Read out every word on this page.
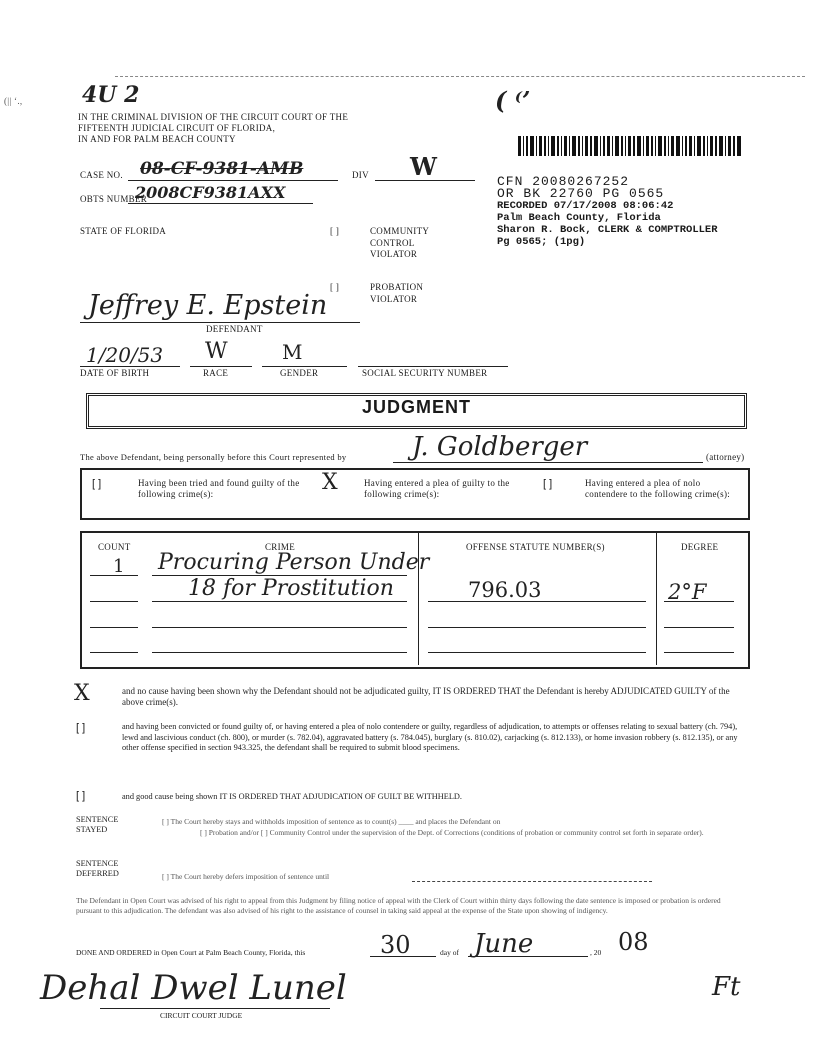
(|| ʻ.,	4U 2	( ⁽ʼ
IN THE CRIMINAL DIVISION OF THE CIRCUIT COURT OF THE
FIFTEENTH JUDICIAL CIRCUIT OF FLORIDA,
IN AND FOR PALM BEACH COUNTY
CASE NO. 08-CF-9381-AMB	DIV W
OBTS NUMBER
2008CF9381AXX
CFN 20080267252
OR BK 22760 PG 0565
RECORDED 07/17/2008 08:06:42
Palm Beach County, Florida
Sharon R. Bock, CLERK & COMPTROLLER
Pg 0565; (1pg)
STATE OF FLORIDA	[ ]	COMMUNITY
CONTROL
VIOLATOR
[ ]	PROBATION
VIOLATOR
Jeffrey E. Epstein
DEFENDANT
1/20/53 W	M
DATE OF BIRTH	RACE	GENDER	SOCIAL SECURITY NUMBER
JUDGMENT
The above Defendant, being personally before this Court represented by	J. Goldberger	(attorney)
[ ]	Having been tried and found guilty of the following crime(s):	X	Having entered a plea of guilty to the following crime(s):
[ ]	Having entered a plea of nolo contendere to the following crime(s):
COUNT	CRIME	OFFENSE STATUTE NUMBER(S)	DEGREE
1 Procuring Person Under
18 for Prostitution	796.03	2°F
X	and no cause having been shown why the Defendant should not be adjudicated guilty, IT IS ORDERED THAT the Defendant is hereby ADJUDICATED GUILTY of the above crime(s).
[ ]	and having been convicted or found guilty of, or having entered a plea of nolo contendere or guilty, regardless of adjudication, to attempts or offenses relating to sexual battery (ch. 794), lewd and lascivious conduct (ch. 800), or murder (s. 782.04), aggravated battery (s. 784.045), burglary (s. 810.02), carjacking (s. 812.133), or home invasion robbery (s. 812.135), or any other offense specified in section 943.325, the defendant shall be required to submit blood specimens.
[ ]	and good cause being shown IT IS ORDERED THAT ADJUDICATION OF GUILT BE WITHHELD.
SENTENCE
STAYED
[ ] The Court hereby stays and withholds imposition of sentence as to count(s) ____ and places the Defendant on
[ ] Probation and/or [ ] Community Control under the supervision of the Dept. of Corrections (conditions of probation or community control set forth in separate order).
SENTENCE
DEFERRED	[ ] The Court hereby defers imposition of sentence until
The Defendant in Open Court was advised of his right to appeal from this Judgment by filing notice of appeal with the Clerk of Court within thirty days following the date sentence is imposed or probation is ordered pursuant to this adjudication. The defendant was also advised of his right to the assistance of counsel in taking said appeal at the expense of the State upon showing of indigency.
DONE AND ORDERED in Open Court at Palm Beach County, Florida, this	30	day of June	, 20 08
Dehal Dwel Lunel
CIRCUIT COURT JUDGE
Ft
